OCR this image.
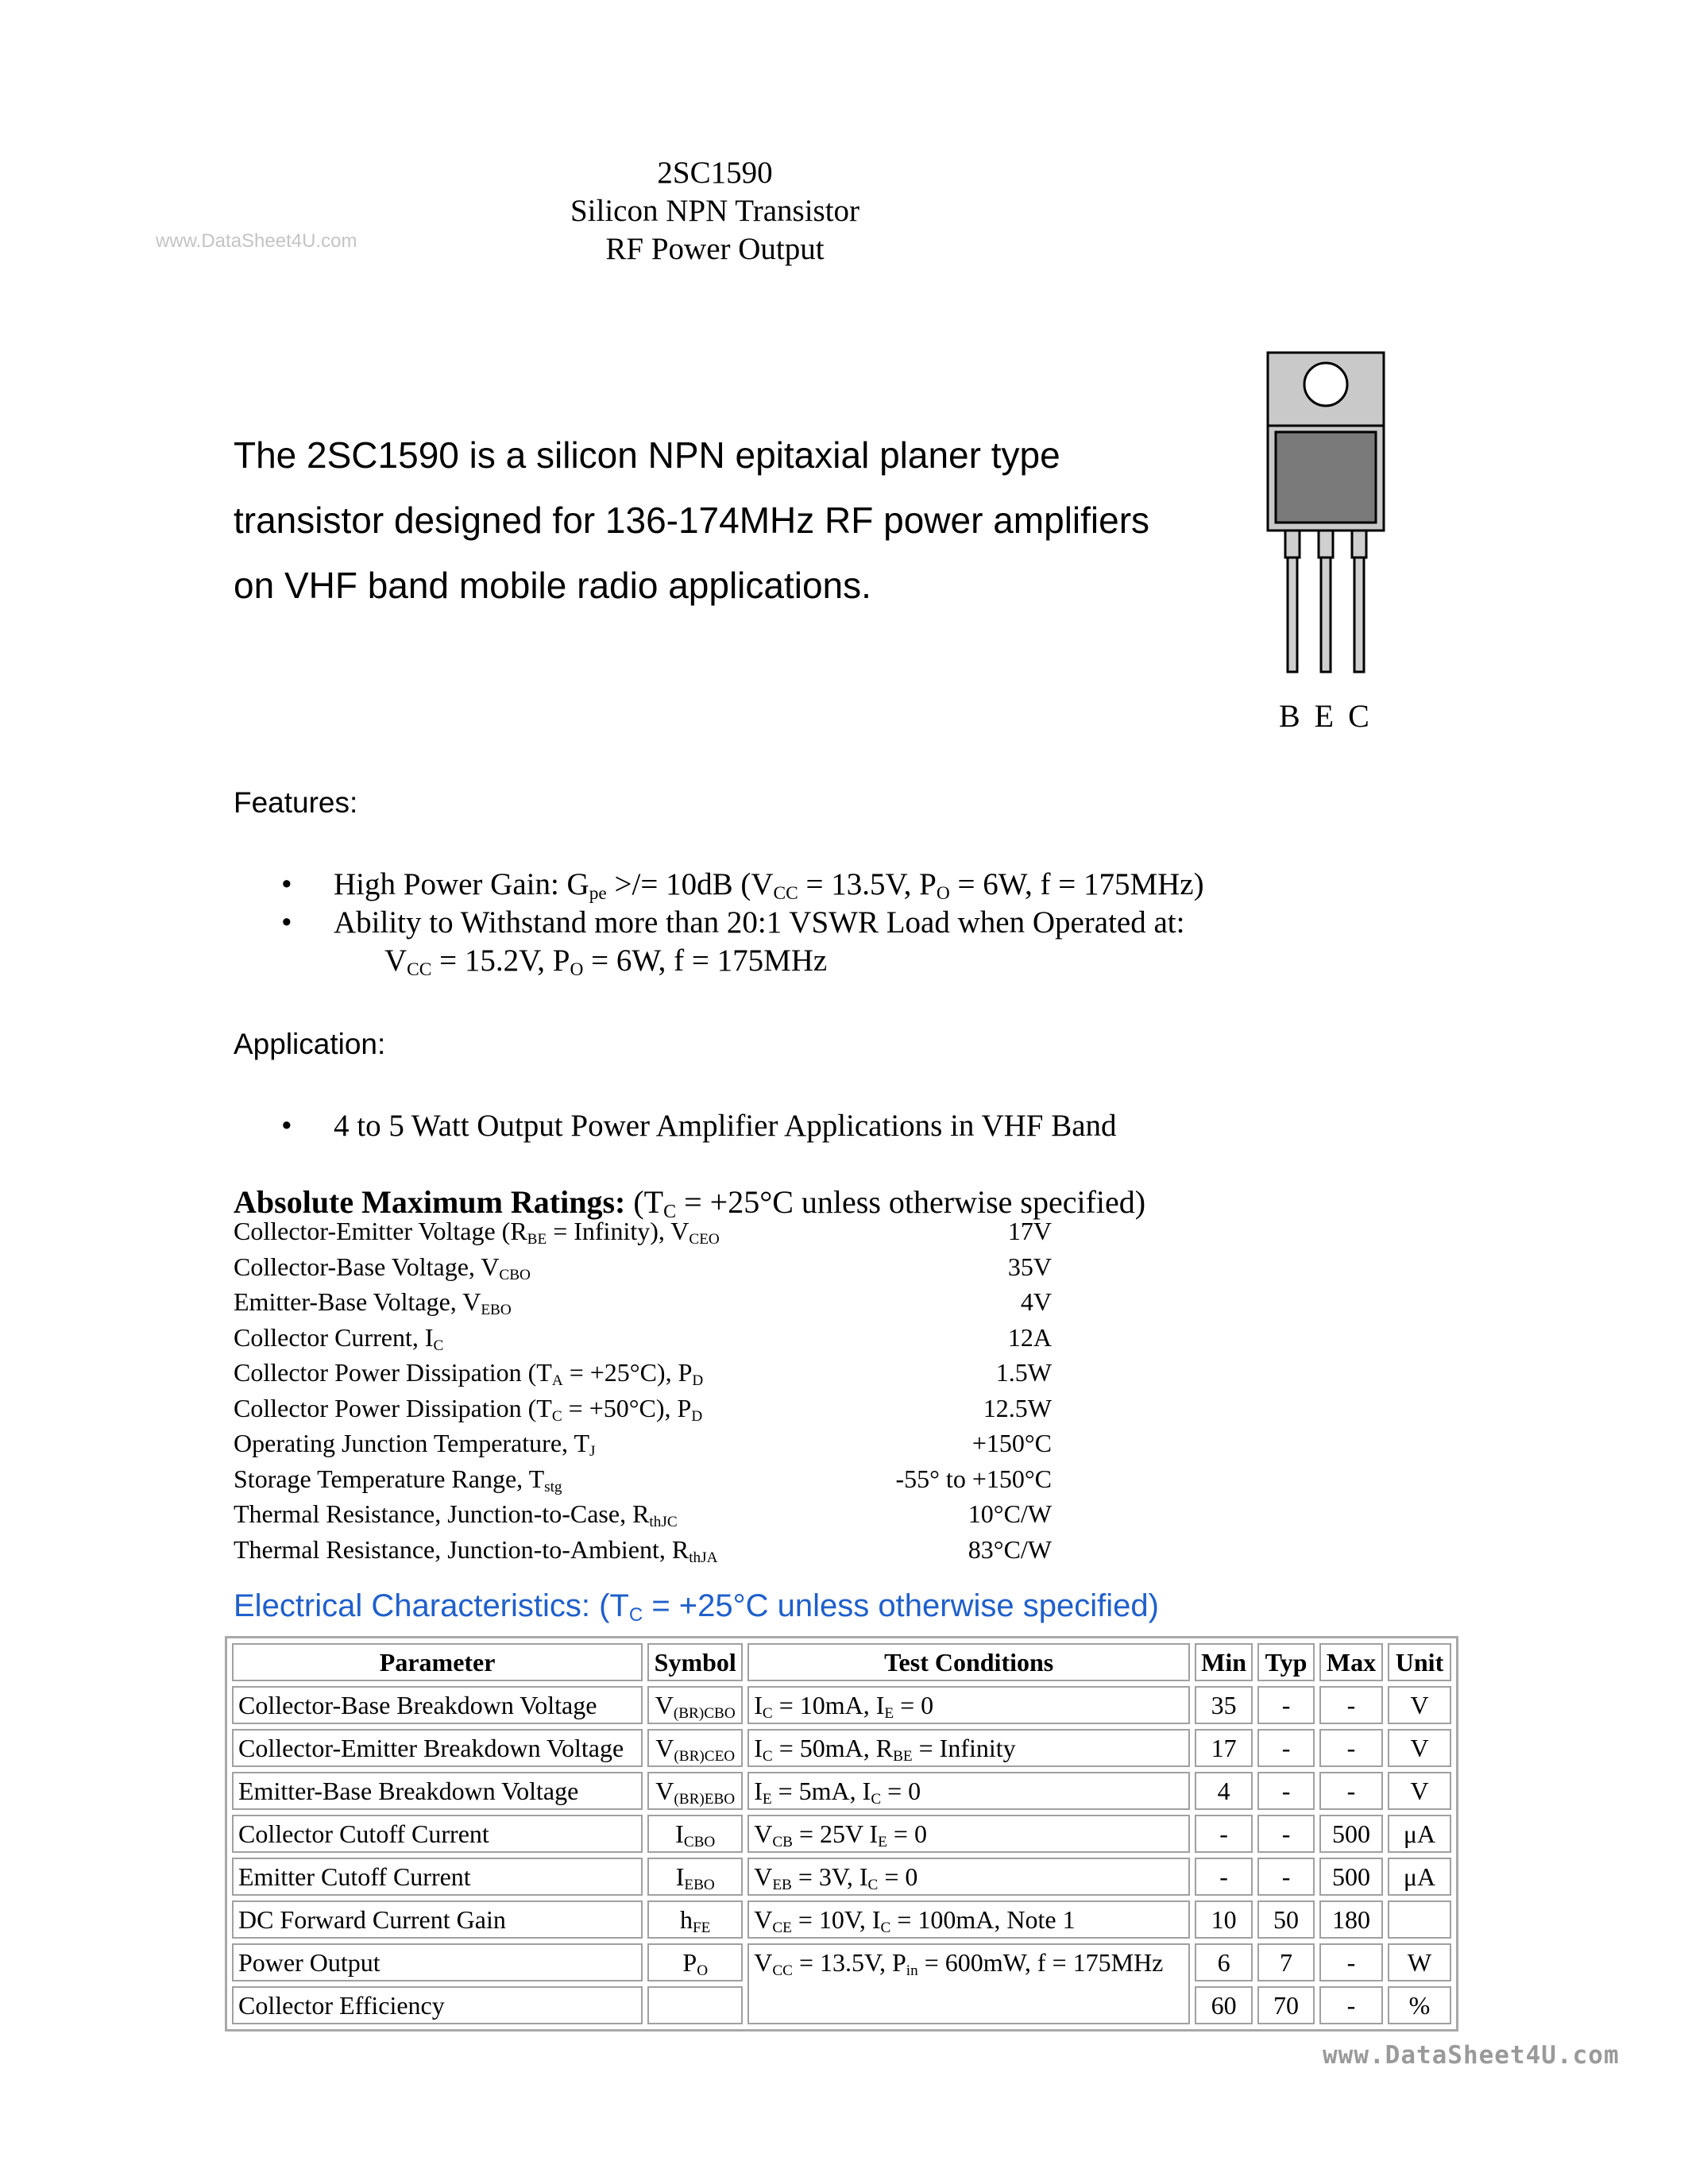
www.DataSheet4U.com
2SC1590
Silicon NPN Transistor
RF Power Output
The 2SC1590 is a silicon NPN epitaxial planer type
transistor designed for 136-174MHz RF power amplifiers
on VHF band mobile radio applications.
B E C
Features:
• High Power Gain: $G_{pe}$ >/= 10dB ($V_{CC} = 13.5V$, $P_O = 6W$, f = 175MHz)
• Ability to Withstand more than 20:1 VSWR Load when Operated at:
$V_{CC} = 15.2V$, $P_O = 6W$, f = 175MHz
Application:
• 4 to 5 Watt Output Power Amplifier Applications in VHF Band
Absolute Maximum Ratings: ($T_C = +25^\circ C$ unless otherwise specified)
Collector-Emitter Voltage ($R_{BE}$ = Infinity), $V_{CEO}$	17V
Collector-Base Voltage, $V_{CBO}$	35V
Emitter-Base Voltage, $V_{EBO}$	4V
Collector Current, $I_C$	12A
Collector Power Dissipation $(T_A = +25^\circ C)$, $P_D$	1.5W
Collector Power Dissipation $(T_C = +50^\circ C)$, $P_D$	12.5W
Operating Junction Temperature, $T_J$	+150°C
Storage Temperature Range, $T_{stg}$	-55° to +150°C
Thermal Resistance, Junction-to-Case, $R_{thJC}$	10°C/W
Thermal Resistance, Junction-to-Ambient, $R_{thJA}$	83°C/W
Electrical Characteristics: ($T_C = +25^\circ C$ unless otherwise specified)
Parameter	Symbol	Test Conditions	Min	Typ	Max	Unit
Collector-Base Breakdown Voltage	$V_{(BR)CBO}$	$I_C = 10mA$, $I_E = 0$	35	-	-	V
Collector-Emitter Breakdown Voltage	$V_{(BR)CEO}$	$I_C = 50mA$, $R_{BE}$ = Infinity	17	-	-	V
Emitter-Base Breakdown Voltage	$V_{(BR)EBO}$	$I_E = 5mA$, $I_C = 0$	4	-	-	V
Collector Cutoff Current	$I_{CBO}$	$V_{CB} = 25V$ $I_E = 0$	-	-	500	μA
Emitter Cutoff Current	$I_{EBO}$	$V_{EB} = 3V$, $I_C = 0$	-	-	500	μA
DC Forward Current Gain	$h_{FE}$	$V_{CE} = 10V$, $I_C = 100mA$, Note 1	10	50	180	
Power Output	$P_O$	$V_{CC} = 13.5V$, $P_{in} = 600mW$, f = 175MHz	6	7	-	W
Collector Efficiency			60	70	-	%
www.DataSheet4U.com
